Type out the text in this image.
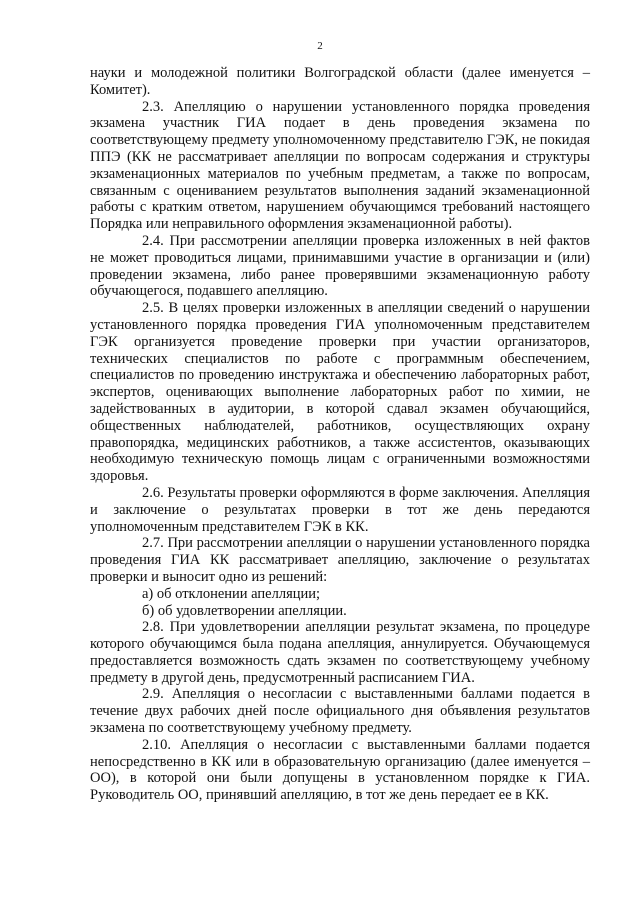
2

науки и молодежной политики Волгоградской области (далее именуется – Комитет).

2.3. Апелляцию о нарушении установленного порядка проведения экзамена участник ГИА подает в день проведения экзамена по соответствующему предмету уполномоченному представителю ГЭК, не покидая ППЭ (КК не рассматривает апелляции по вопросам содержания и структуры экзаменационных материалов по учебным предметам, а также по вопросам, связанным с оцениванием результатов выполнения заданий экзаменационной работы с кратким ответом, нарушением обучающимся требований настоящего Порядка или неправильного оформления экзаменационной работы).

2.4. При рассмотрении апелляции проверка изложенных в ней фактов не может проводиться лицами, принимавшими участие в организации и (или) проведении экзамена, либо ранее проверявшими экзаменационную работу обучающегося, подавшего апелляцию.

2.5. В целях проверки изложенных в апелляции сведений о нарушении установленного порядка проведения ГИА уполномоченным представителем ГЭК организуется проведение проверки при участии организаторов, технических специалистов по работе с программным обеспечением, специалистов по проведению инструктажа и обеспечению лабораторных работ, экспертов, оценивающих выполнение лабораторных работ по химии, не задействованных в аудитории, в которой сдавал экзамен обучающийся, общественных наблюдателей, работников, осуществляющих охрану правопорядка, медицинских работников, а также ассистентов, оказывающих необходимую техническую помощь лицам с ограниченными возможностями здоровья.

2.6. Результаты проверки оформляются в форме заключения. Апелляция и заключение о результатах проверки в тот же день передаются уполномоченным представителем ГЭК в КК.

2.7. При рассмотрении апелляции о нарушении установленного порядка проведения ГИА КК рассматривает апелляцию, заключение о результатах проверки и выносит одно из решений:

а) об отклонении апелляции;

б) об удовлетворении апелляции.

2.8. При удовлетворении апелляции результат экзамена, по процедуре которого обучающимся была подана апелляция, аннулируется. Обучающемуся предоставляется возможность сдать экзамен по соответствующему учебному предмету в другой день, предусмотренный расписанием ГИА.

2.9. Апелляция о несогласии с выставленными баллами подается в течение двух рабочих дней после официального дня объявления результатов экзамена по соответствующему учебному предмету.

2.10. Апелляция о несогласии с выставленными баллами подается непосредственно в КК или в образовательную организацию (далее именуется – ОО), в которой они были допущены в установленном порядке к ГИА. Руководитель ОО, принявший апелляцию, в тот же день передает ее в КК.
